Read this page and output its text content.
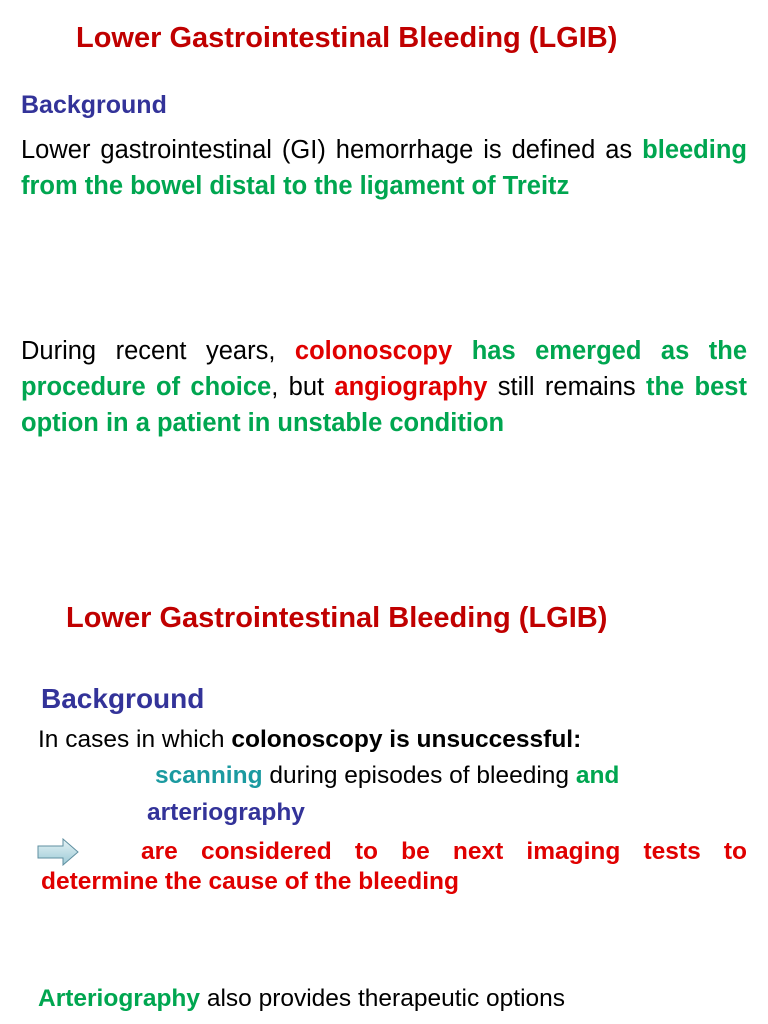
Lower Gastrointestinal Bleeding (LGIB)
Background
Lower gastrointestinal (GI) hemorrhage is defined as bleeding from the bowel distal to the ligament of Treitz
During recent years, colonoscopy has emerged as the procedure of choice, but angiography still remains the best option in a patient in unstable condition
Lower Gastrointestinal Bleeding (LGIB)
Background
In cases in which colonoscopy is unsuccessful:
scanning during episodes of bleeding and
arteriography
are considered to be next imaging tests to
determine the cause of the bleeding
Arteriography also provides therapeutic options
